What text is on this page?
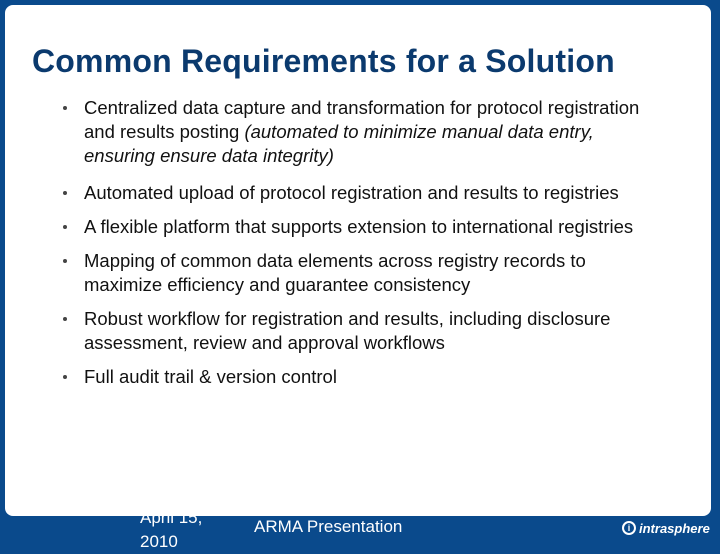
Common Requirements for a Solution
Centralized data capture and transformation for protocol registration and results posting (automated to minimize manual data entry, ensuring ensure data integrity)
Automated upload of protocol registration and results to registries
A flexible platform that supports extension to international registries
Mapping of common data elements across registry records to maximize efficiency and guarantee consistency
Robust workflow for registration and results, including disclosure assessment, review and approval workflows
Full audit trail & version control
April 15,
2010
ARMA Presentation	i intrasphere
